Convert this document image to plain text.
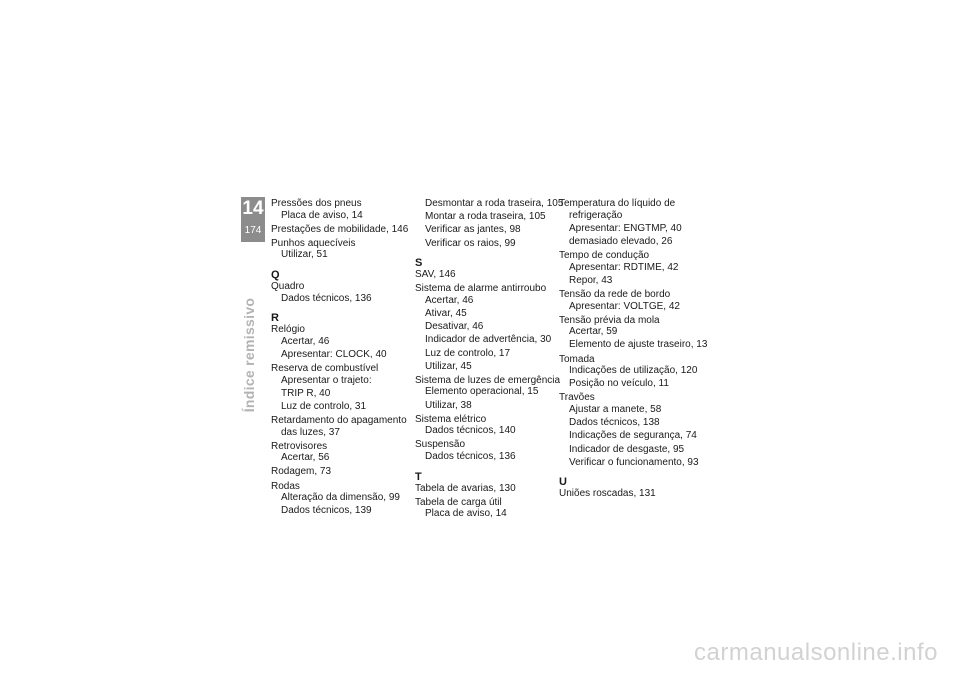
14
174
Índice remissivo
Pressões dos pneus
Placa de aviso, 14
Prestações de mobilidade, 146
Punhos aquecíveis
Utilizar, 51
Q
Quadro
Dados técnicos, 136
R
Relógio
Acertar, 46
Apresentar: CLOCK, 40
Reserva de combustível
Apresentar o trajeto:
TRIP R, 40
Luz de controlo, 31
Retardamento do apagamento
das luzes, 37
Retrovisores
Acertar, 56
Rodagem, 73
Rodas
Alteração da dimensão, 99
Dados técnicos, 139
Desmontar a roda traseira, 105
Montar a roda traseira, 105
Verificar as jantes, 98
Verificar os raios, 99
S
SAV, 146
Sistema de alarme antirroubo
Acertar, 46
Ativar, 45
Desativar, 46
Indicador de advertência, 30
Luz de controlo, 17
Utilizar, 45
Sistema de luzes de emergência
Elemento operacional, 15
Utilizar, 38
Sistema elétrico
Dados técnicos, 140
Suspensão
Dados técnicos, 136
T
Tabela de avarias, 130
Tabela de carga útil
Placa de aviso, 14
Temperatura do líquido de
refrigeração
Apresentar: ENGTMP, 40
demasiado elevado, 26
Tempo de condução
Apresentar: RDTIME, 42
Repor, 43
Tensão da rede de bordo
Apresentar: VOLTGE, 42
Tensão prévia da mola
Acertar, 59
Elemento de ajuste traseiro, 13
Tomada
Indicações de utilização, 120
Posição no veículo, 11
Travões
Ajustar a manete, 58
Dados técnicos, 138
Indicações de segurança, 74
Indicador de desgaste, 95
Verificar o funcionamento, 93
U
Uniões roscadas, 131
carmanualsonline.info
